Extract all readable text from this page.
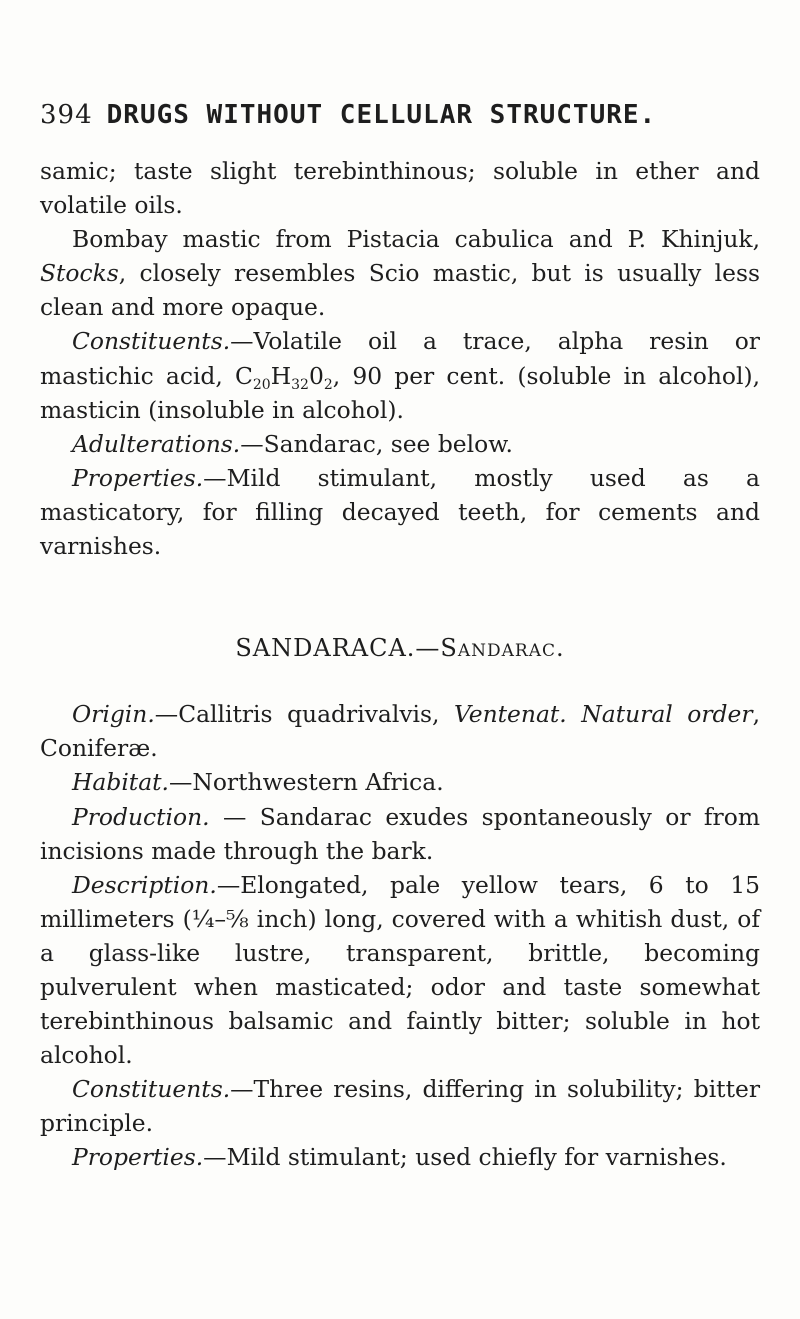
394 DRUGS WITHOUT CELLULAR STRUCTURE.

samic; taste slight terebinthinous; soluble in ether and volatile oils.

Bombay mastic from Pistacia cabulica and P. Khinjuk, Stocks, closely resembles Scio mastic, but is usually less clean and more opaque.

Constituents.—Volatile oil a trace, alpha resin or mastichic acid, $C_{20}H_{32}0_2$, 90 per cent. (soluble in alcohol), masticin (insoluble in alcohol).

Adulterations.—Sandarac, see below.

Properties.—Mild stimulant, mostly used as a masticatory, for filling decayed teeth, for cements and varnishes.

SANDARACA.—Sandarac.

Origin.—Callitris quadrivalvis, Ventenat. Natural order, Coniferæ.

Habitat.—Northwestern Africa.

Production. — Sandarac exudes spontaneously or from incisions made through the bark.

Description.—Elongated, pale yellow tears, 6 to 15 millimeters (¼–⅝ inch) long, covered with a whitish dust, of a glass-like lustre, transparent, brittle, becoming pulverulent when masticated; odor and taste somewhat terebinthinous balsamic and faintly bitter; soluble in hot alcohol.

Constituents.—Three resins, differing in solubility; bitter principle.

Properties.—Mild stimulant; used chiefly for varnishes.
